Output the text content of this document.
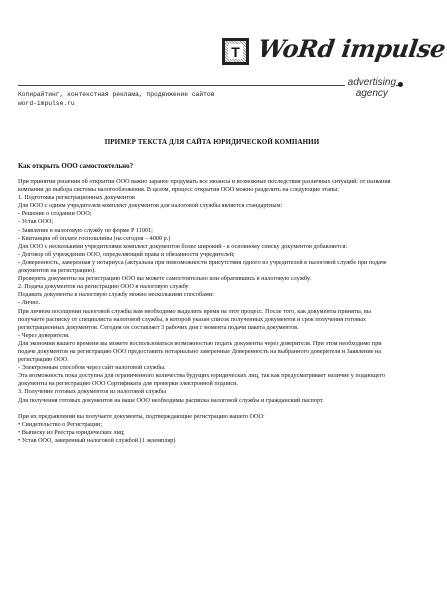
T WoRd impulse
advertising
agency
Копирайтинг, контекстная реклама, продвижение сайтов
word-impulse.ru
ПРИМЕР ТЕКСТА ДЛЯ САЙТА ЮРИДИЧЕСКОЙ КОМПАНИИ
Как открыть ООО самостоятельно?

При принятии решения об открытии ООО важно заранее продумать все нюансы и возможные последствия различных ситуаций: от названия компании до выбора системы налогообложения. В целом, процесс открытия ООО можно разделить на следующие этапы:

1. Подготовка регистрационных документов

Для ООО с одним учредителем комплект документов для налоговой службы является стандартным:

- Решение о создании ООО;

- Устав ООО;

- Заявление в налоговую службу по форме Р 11001;

- Квитанция об оплате госпошлины (на сегодня – 4000 р.)

Для ООО с несколькими учредителями комплект документов более широкий - к основному списку документов добавляется:

- Договор об учреждении ООО, определяющий права и обязанности учредителей;

- Доверенность, заверенная у нотариуса (актуальна при невозможности присутствия одного из учредителей в налоговой службе при подаче документов на регистрацию).

Проверить документы на регистрацию ООО вы можете самостоятельно или обратившись в налоговую службу.

2. Подача документов на регистрацию ООО в налоговую службу

Подавать документы в налоговую службу можно несколькими способами:

- Лично.

При личном посещении налоговой службы вам необходимо выделить время на этот процесс. После того, как документы приняты, вы получаете расписку от специалиста налоговой службы, в которой указан список полученных документов и срок получения готовых регистрационных документов. Сегодня он составляет 3 рабочих дня с момента подачи пакета документов.

- Через доверителя.

Для экономии вашего времени вы можете воспользоваться возможностью подать документы через доверителя. При этом необходимо при подаче документов на регистрацию ООО предоставить нотариально заверенные Доверенность на выбранного доверителя и Заявление на регистрацию ООО.

- Электронным способом через сайт налоговой службы.

Эта возможность пока доступна для ограниченного количества будущих юридических лиц, так как предусматривает наличие у подающего документы на регистрацию ООО Сертификата для проверки электронной подписи.

3. Получение готовых документов из налоговой службы

Для получения готовых документов на ваше ООО необходимы расписка налоговой службы и гражданский паспорт.

При их предъявлении вы получаете документы, подтверждающие регистрацию вашего ООО:

• Свидетельство о Регистрации;

• Выписку из Реестра юридических лиц;

• Устав ООО, заверенный налоговой службой (1 экземпляр)
